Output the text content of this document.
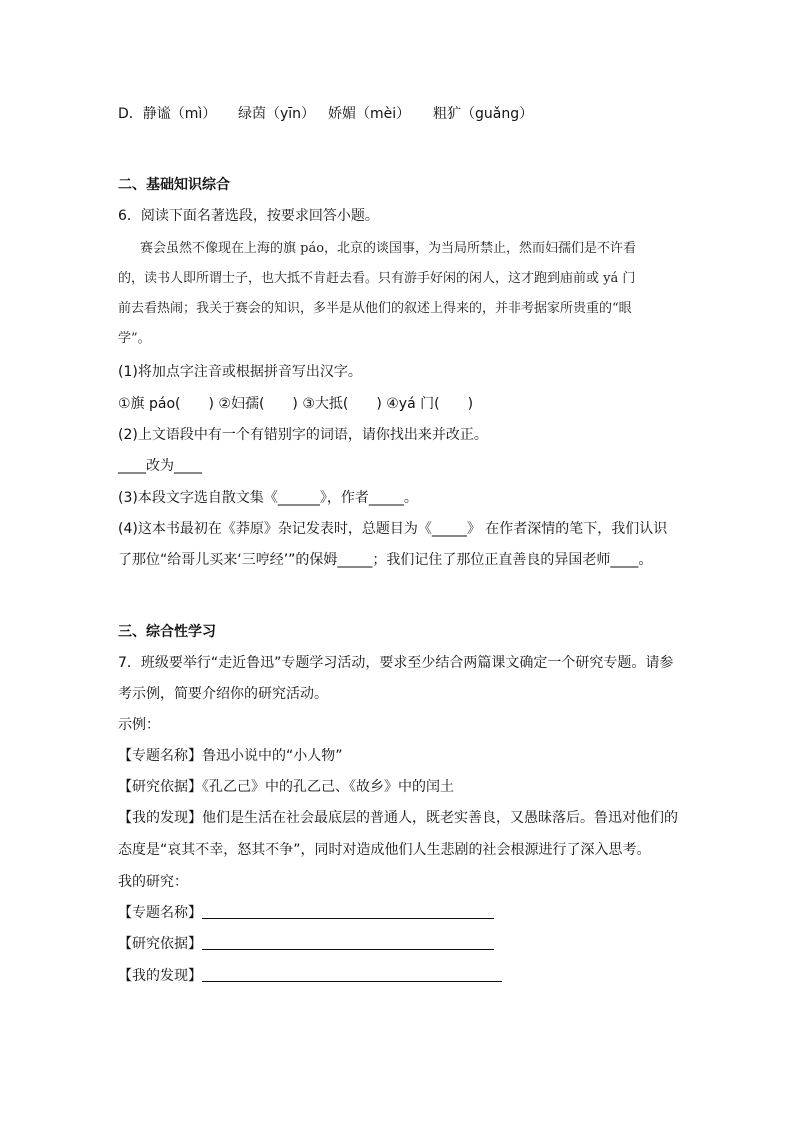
D．静谧（mì） 绿茵（yīn） 娇媚（mèi） 粗犷（guǎng）
二、基础知识综合
6．阅读下面名著选段，按要求回答小题。
赛会虽然不像现在上海的旗 páo，北京的谈国事，为当局所禁止，然而妇孺们是不许看
的，读书人即所谓士子，也大抵不肯赶去看。只有游手好闲的闲人，这才跑到庙前或 yá 门
前去看热闹；我关于赛会的知识，多半是从他们的叙述上得来的，并非考据家所贵重的“眼
学”。
(1)将加点字注音或根据拼音写出汉字。
①旗 páo(　　) ②妇孺(　　) ③大抵(　　) ④yá 门(　　)
(2)上文语段中有一个有错别字的词语，请你找出来并改正。
____改为____
(3)本段文字选自散文集《______》，作者_____。
(4)这本书最初在《莽原》杂记发表时，总题目为《_____》 在作者深情的笔下，我们认识
了那位“给哥儿买来‘三哼经’”的保姆_____；我们记住了那位正直善良的异国老师____。
三、综合性学习
7．班级要举行“走近鲁迅”专题学习活动，要求至少结合两篇课文确定一个研究专题。请参
考示例，简要介绍你的研究活动。
示例：
【专题名称】鲁迅小说中的“小人物”
【研究依据】《孔乙己》中的孔乙己、《故乡》中的闰土
【我的发现】他们是生活在社会最底层的普通人，既老实善良，又愚昧落后。鲁迅对他们的
态度是“哀其不幸，怒其不争”，同时对造成他们人生悲剧的社会根源进行了深入思考。
我的研究：
【专题名称】
【研究依据】
【我的发现】
